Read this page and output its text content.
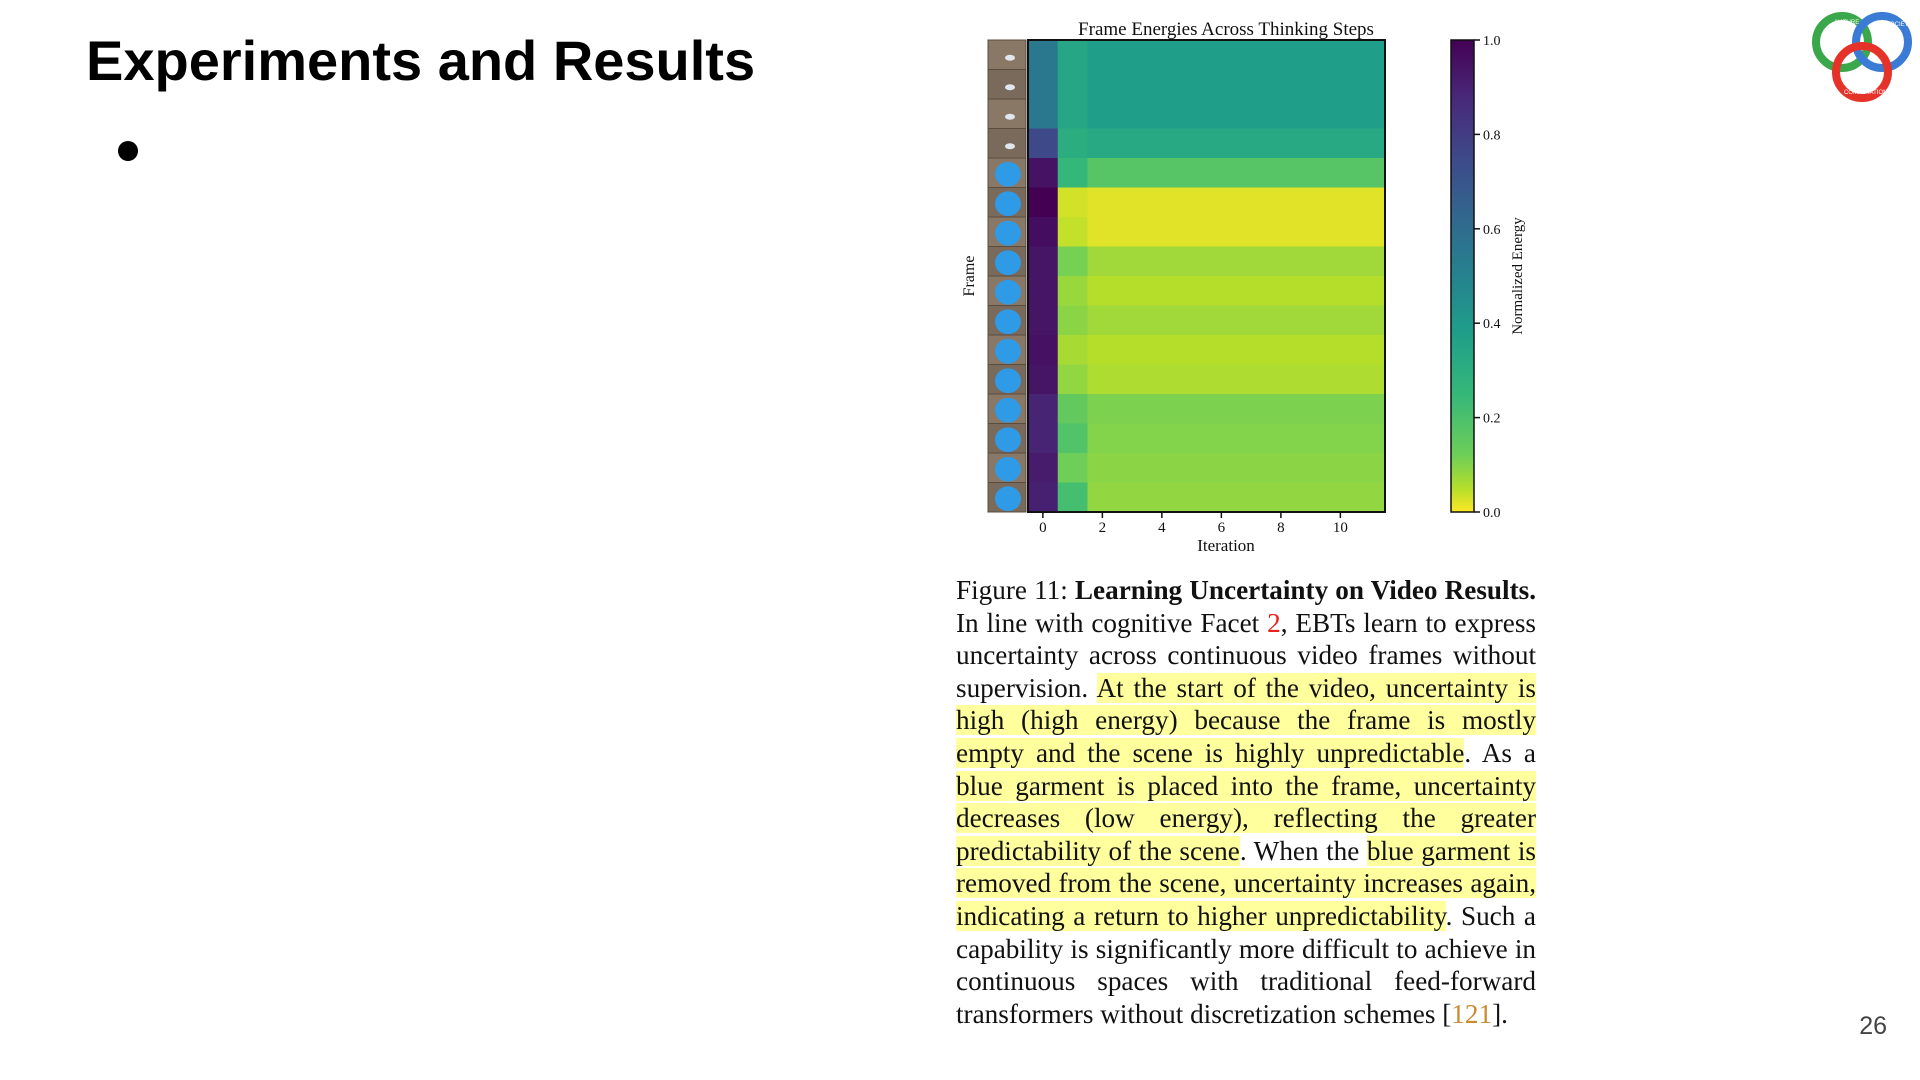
Experiments and Results
NATURE	SOCIETY
COMPUTATION
Frame Energies Across Thinking Steps
Frame
0	2	4	6	8	10
Iteration
1.0
0.8
0.6
0.4
0.2
0.0
Normalized Energy

Figure 11: Learning Uncertainty on Video Results. In line with cognitive Facet 2, EBTs learn to express uncertainty across continuous video frames without supervision. At the start of the video, uncertainty is high (high energy) because the frame is mostly empty and the scene is highly unpredictable. As a blue garment is placed into the frame, uncertainty decreases (low energy), reflecting the greater predictability of the scene. When the blue garment is removed from the scene, uncertainty increases again, indicating a return to higher unpredictability. Such a capability is significantly more difficult to achieve in continuous spaces with traditional feed-forward transformers without discretization schemes [121].	26
